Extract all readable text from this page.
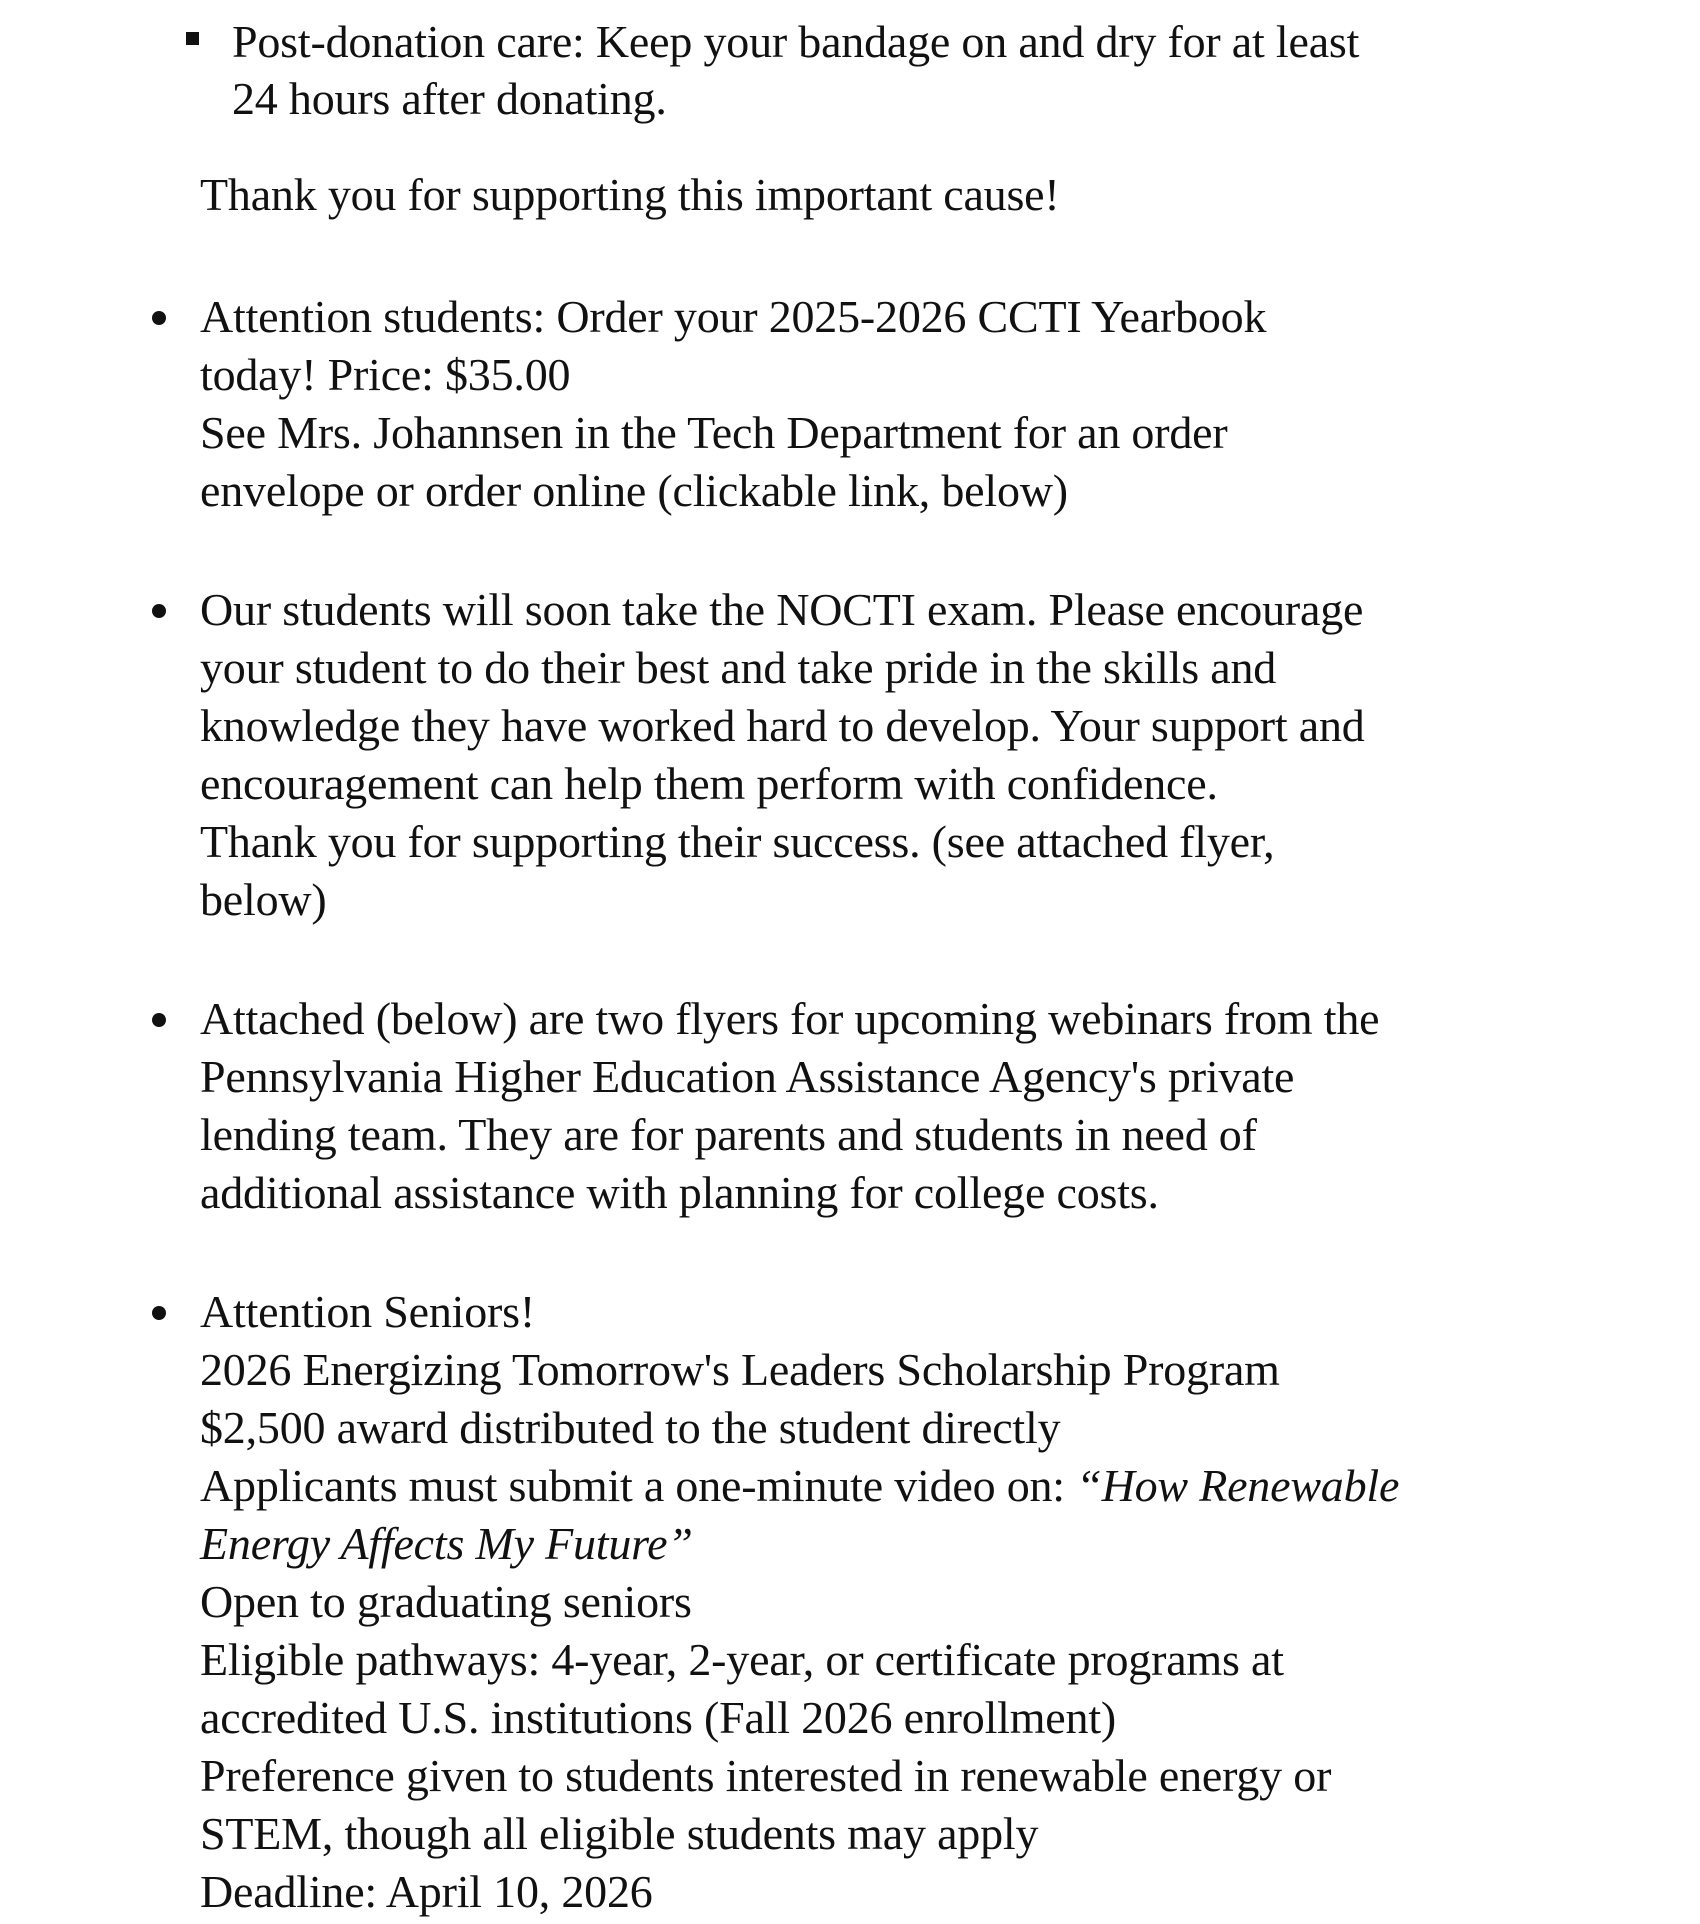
Post-donation care: Keep your bandage on and dry for at least
24 hours after donating.
Thank you for supporting this important cause!
Attention students: Order your 2025-2026 CCTI Yearbook
today! Price: $35.00
See Mrs. Johannsen in the Tech Department for an order
envelope or order online (clickable link, below)
Our students will soon take the NOCTI exam. Please encourage
your student to do their best and take pride in the skills and
knowledge they have worked hard to develop. Your support and
encouragement can help them perform with confidence.
Thank you for supporting their success. (see attached flyer,
below)
Attached (below) are two flyers for upcoming webinars from the
Pennsylvania Higher Education Assistance Agency's private
lending team. They are for parents and students in need of
additional assistance with planning for college costs.
Attention Seniors!
2026 Energizing Tomorrow's Leaders Scholarship Program
$2,500 award distributed to the student directly
Applicants must submit a one-minute video on: “How Renewable
Energy Affects My Future”
Open to graduating seniors
Eligible pathways: 4-year, 2-year, or certificate programs at
accredited U.S. institutions (Fall 2026 enrollment)
Preference given to students interested in renewable energy or
STEM, though all eligible students may apply
Deadline: April 10, 2026
